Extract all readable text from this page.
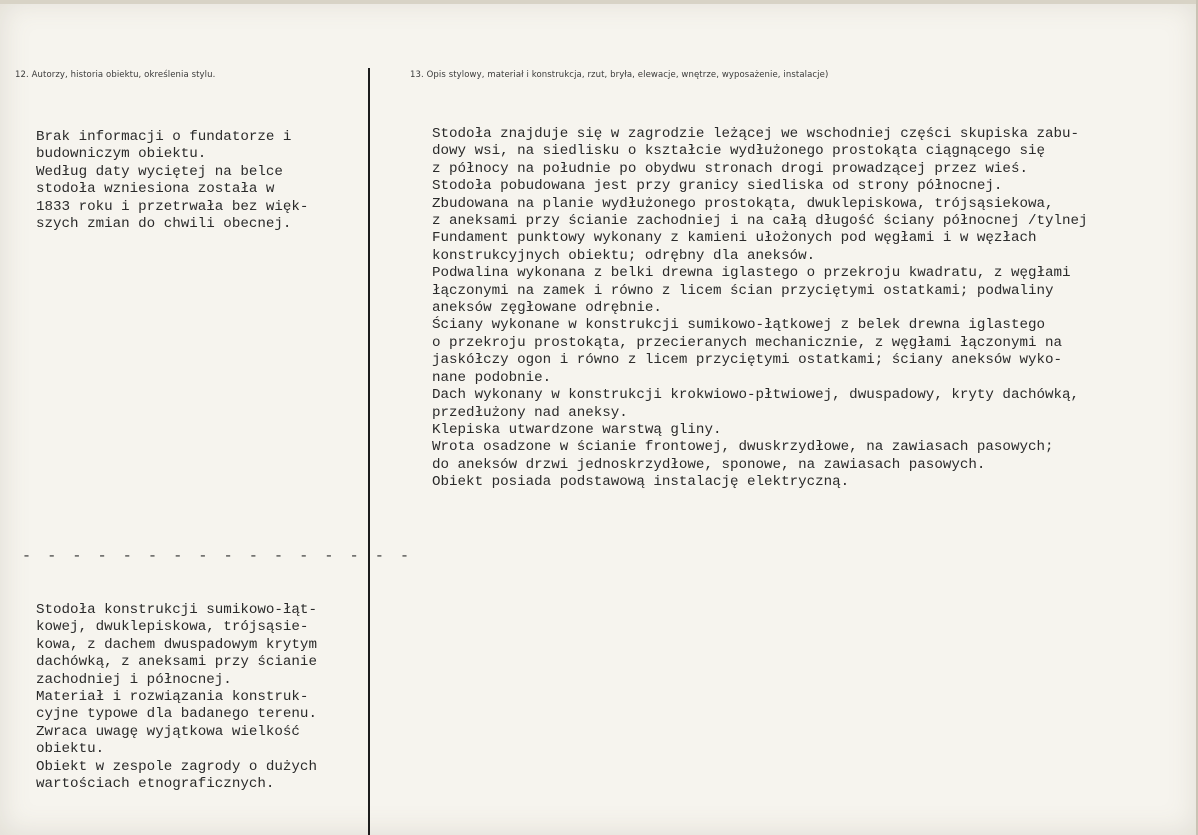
12. Autorzy, historia obiektu, określenia stylu.	13. Opis stylowy, materiał i konstrukcja, rzut, bryła, elewacje, wnętrze, wyposażenie, instalacje)
Brak informacji o fundatorze i
budowniczym obiektu.
Według daty wyciętej na belce
stodoła wzniesiona została w
1833 roku i przetrwała bez więk-
szych zmian do chwili obecnej.
- - - - - - - - - - - - - - - -
Stodoła konstrukcji sumikowo-łąt-
kowej, dwuklepiskowa, trójsąsie-
kowa, z dachem dwuspadowym krytym
dachówką, z aneksami przy ścianie
zachodniej i północnej.
Materiał i rozwiązania konstruk-
cyjne typowe dla badanego terenu.
Zwraca uwagę wyjątkowa wielkość
obiektu.
Obiekt w zespole zagrody o dużych
wartościach etnograficznych.
Stodoła znajduje się w zagrodzie leżącej we wschodniej części skupiska zabu-
dowy wsi, na siedlisku o kształcie wydłużonego prostokąta ciągnącego się
z północy na południe po obydwu stronach drogi prowadzącej przez wieś.
Stodoła pobudowana jest przy granicy siedliska od strony północnej.
Zbudowana na planie wydłużonego prostokąta, dwuklepiskowa, trójsąsiekowa,
z aneksami przy ścianie zachodniej i na całą długość ściany północnej /tylnej
Fundament punktowy wykonany z kamieni ułożonych pod węgłami i w węzłach
konstrukcyjnych obiektu; odrębny dla aneksów.
Podwalina wykonana z belki drewna iglastego o przekroju kwadratu, z węgłami
łączonymi na zamek i równo z licem ścian przyciętymi ostatkami; podwaliny
aneksów zęgłowane odrębnie.
Ściany wykonane w konstrukcji sumikowo-łątkowej z belek drewna iglastego
o przekroju prostokąta, przecieranych mechanicznie, z węgłami łączonymi na
jaskółczy ogon i równo z licem przyciętymi ostatkami; ściany aneksów wyko-
nane podobnie.
Dach wykonany w konstrukcji krokwiowo-płtwiowej, dwuspadowy, kryty dachówką,
przedłużony nad aneksy.
Klepiska utwardzone warstwą gliny.
Wrota osadzone w ścianie frontowej, dwuskrzydłowe, na zawiasach pasowych;
do aneksów drzwi jednoskrzydłowe, sponowe, na zawiasach pasowych.
Obiekt posiada podstawową instalację elektryczną.
